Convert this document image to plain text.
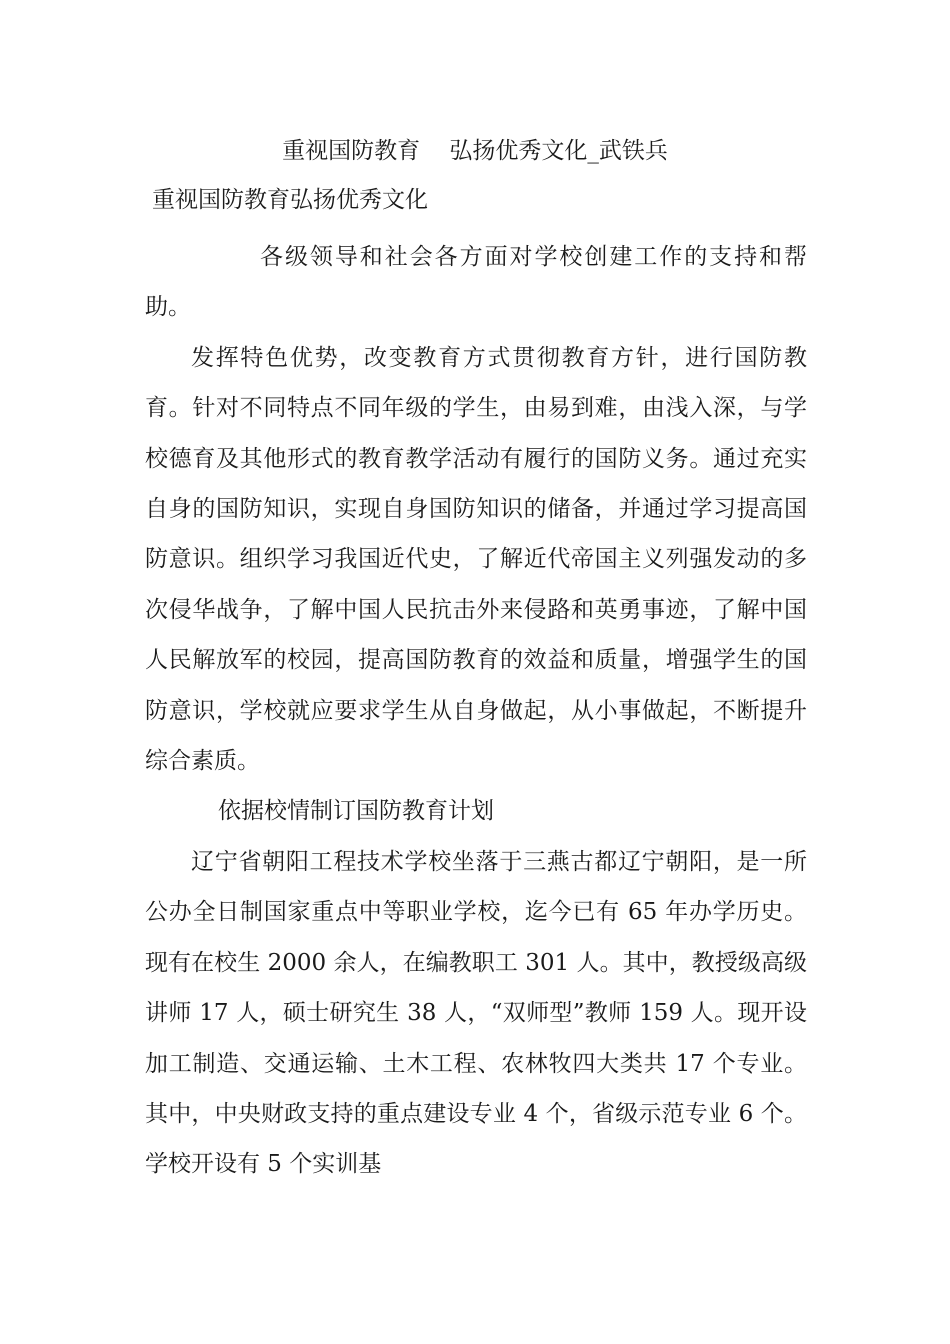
重视国防教育    弘扬优秀文化_武铁兵
重视国防教育弘扬优秀文化

各级领导和社会各方面对学校创建工作的支持和帮助。

发挥特色优势，改变教育方式贯彻教育方针，进行国防教育。针对不同特点不同年级的学生，由易到难，由浅入深，与学校德育及其他形式的教育教学活动有履行的国防义务。通过充实自身的国防知识，实现自身国防知识的储备，并通过学习提高国防意识。组织学习我国近代史，了解近代帝国主义列强发动的多次侵华战争，了解中国人民抗击外来侵路和英勇事迹，了解中国人民解放军的校园，提高国防教育的效益和质量，增强学生的国防意识，学校就应要求学生从自身做起，从小事做起，不断提升综合素质。

依据校情制订国防教育计划

辽宁省朝阳工程技术学校坐落于三燕古都辽宁朝阳，是一所公办全日制国家重点中等职业学校，迄今已有 65 年办学历史。现有在校生 2000 余人，在编教职工 301 人。其中，教授级高级讲师 17 人，硕士研究生 38 人，“双师型”教师 159 人。现开设加工制造、交通运输、土木工程、农林牧四大类共 17 个专业。其中，中央财政支持的重点建设专业 4 个，省级示范专业 6 个。学校开设有 5 个实训基
